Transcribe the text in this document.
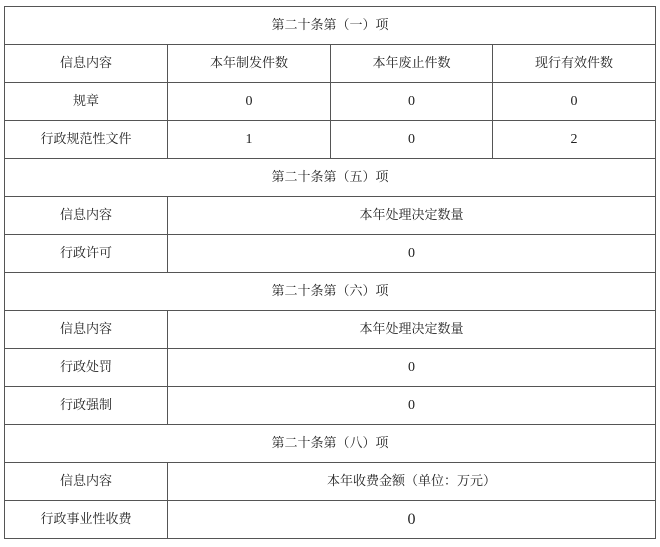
第二十条第（一）项			
信息内容	本年制发件数	本年废止件数	现行有效件数
规章	0	0	0
行政规范性文件	1	0	2
第二十条第（五）项			
信息内容	本年处理决定数量		
行政许可	0		
第二十条第（六）项			
信息内容	本年处理决定数量		
行政处罚	0		
行政强制	0		
第二十条第（八）项			
信息内容	本年收费金额（单位：万元）		
行政事业性收费	0		
